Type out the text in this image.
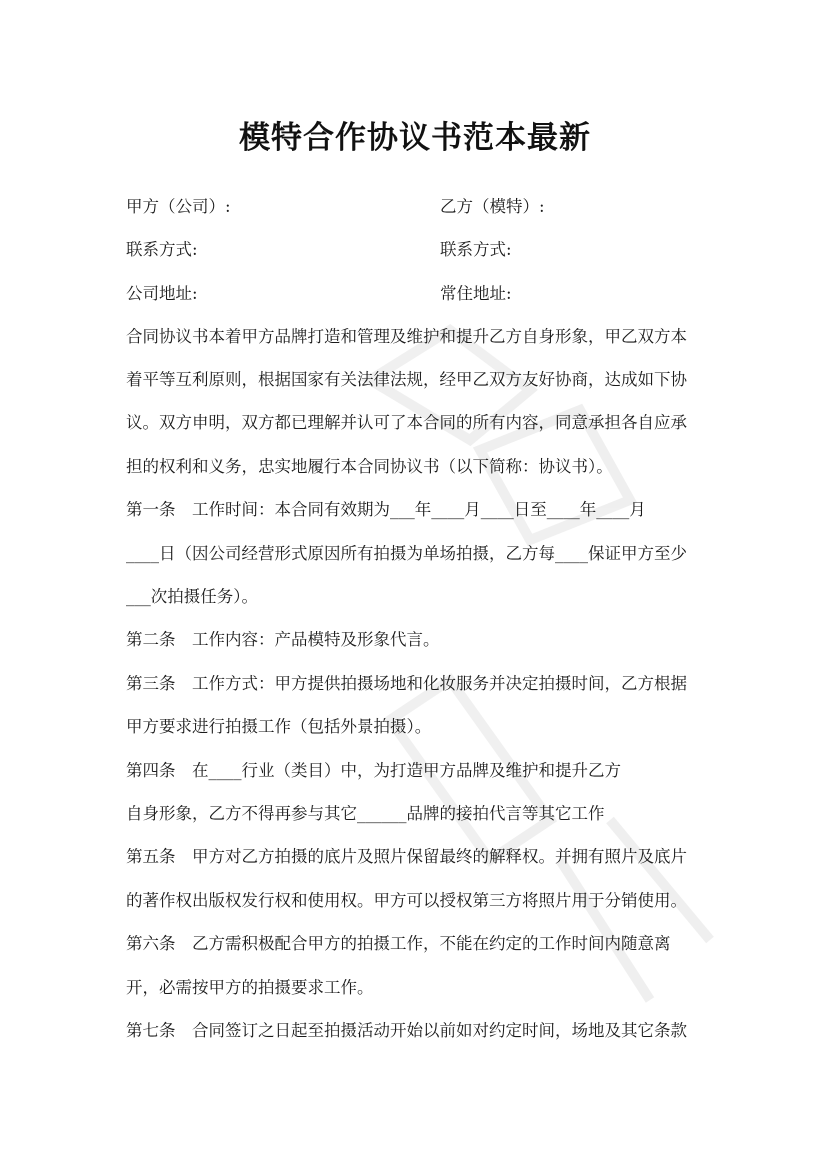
模特合作协议书范本最新
甲方（公司）:	乙方（模特）:
联系方式:	联系方式:
公司地址:	常住地址:
合同协议书本着甲方品牌打造和管理及维护和提升乙方自身形象，甲乙双方本
着平等互利原则，根据国家有关法律法规，经甲乙双方友好协商，达成如下协
议。双方申明，双方都已理解并认可了本合同的所有内容，同意承担各自应承
担的权利和义务，忠实地履行本合同协议书（以下简称：协议书）。
第一条　工作时间：本合同有效期为___年____月____日至____年____月
____日（因公司经营形式原因所有拍摄为单场拍摄，乙方每____保证甲方至少
___次拍摄任务）。
第二条　工作内容：产品模特及形象代言。
第三条　工作方式：甲方提供拍摄场地和化妆服务并决定拍摄时间，乙方根据
甲方要求进行拍摄工作（包括外景拍摄）。
第四条　在____行业（类目）中，为打造甲方品牌及维护和提升乙方
自身形象，乙方不得再参与其它______品牌的接拍代言等其它工作
第五条　甲方对乙方拍摄的底片及照片保留最终的解释权。并拥有照片及底片
的著作权出版权发行权和使用权。甲方可以授权第三方将照片用于分销使用。
第六条　乙方需积极配合甲方的拍摄工作，不能在约定的工作时间内随意离
开，必需按甲方的拍摄要求工作。
第七条　合同签订之日起至拍摄活动开始以前如对约定时间，场地及其它条款
